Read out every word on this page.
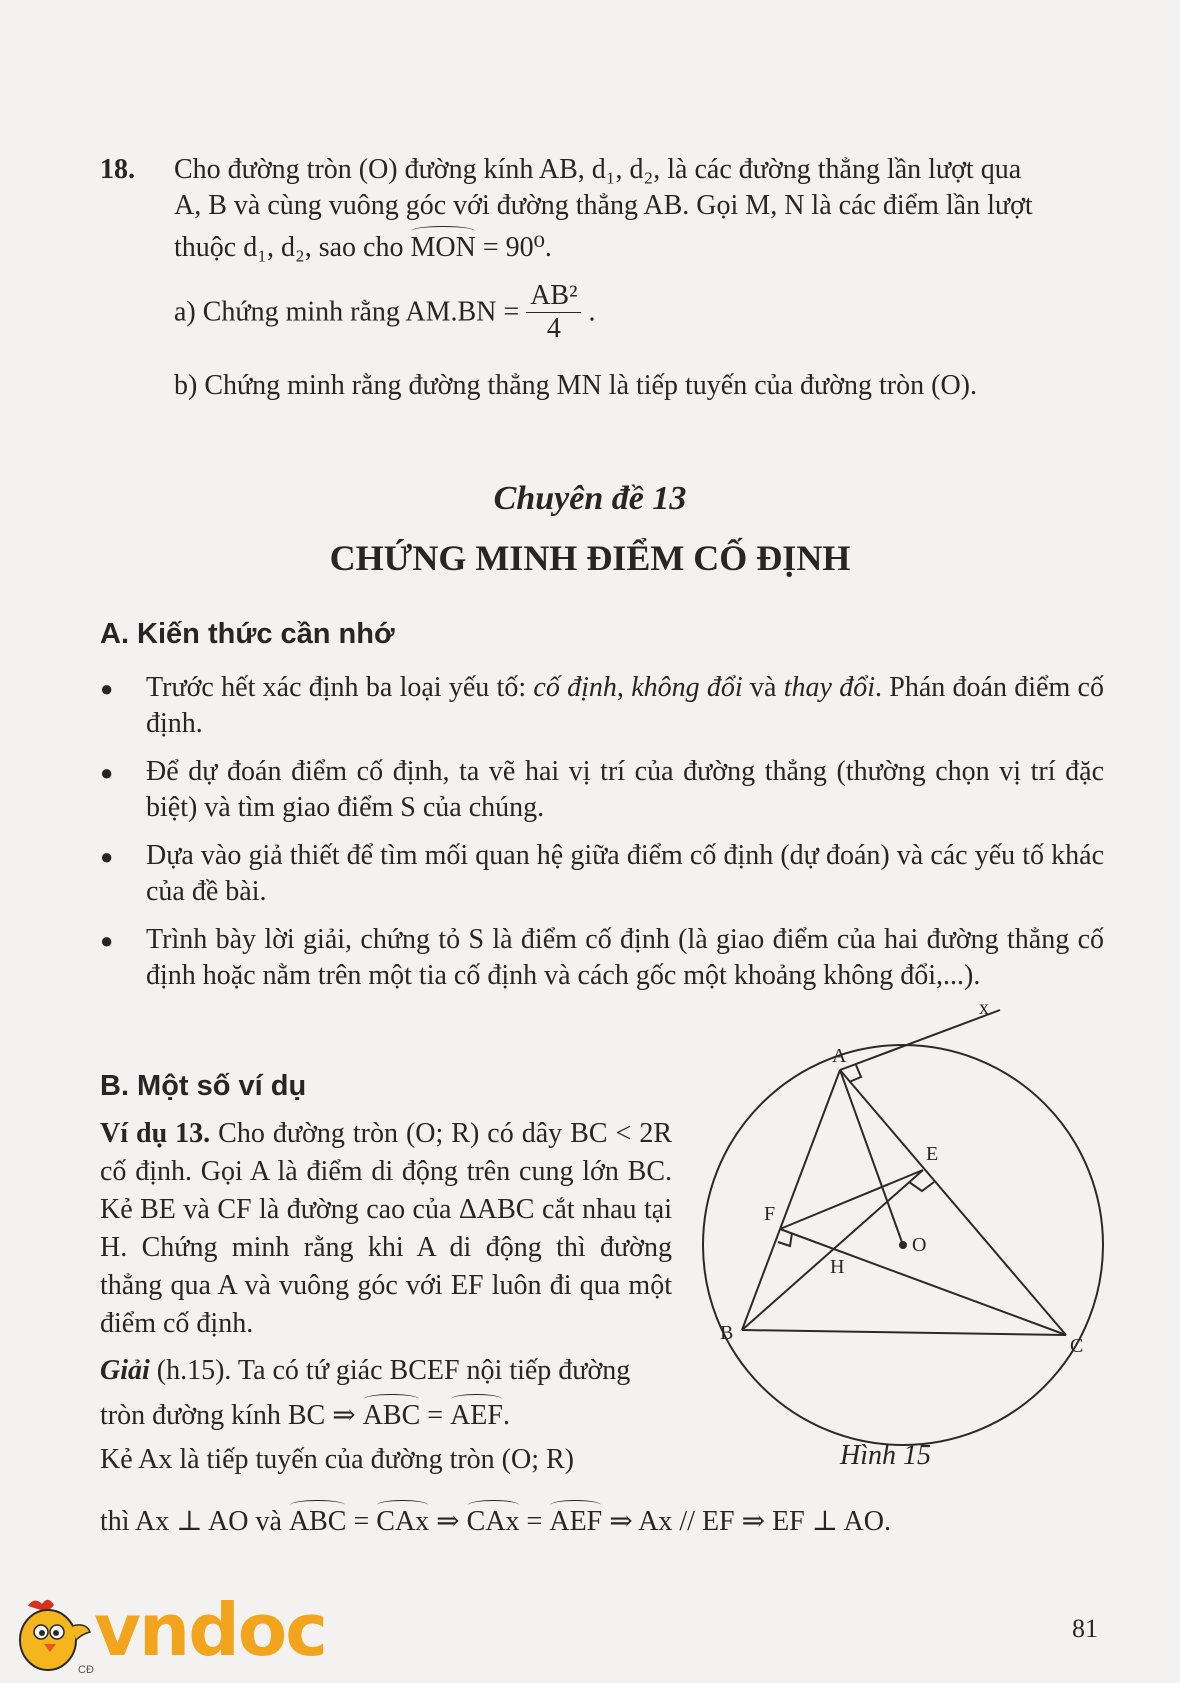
18. Cho đường tròn (O) đường kính AB, d₁, d₂, là các đường thẳng lần lượt qua
A, B và cùng vuông góc với đường thẳng AB. Gọi M, N là các điểm lần lượt
thuộc d₁, d₂, sao cho MON = 90⁰.
a) Chứng minh rằng $AM.BN = \frac{\text{AB²}}{4}$ .
b) Chứng minh rằng đường thẳng MN là tiếp tuyến của đường tròn (O).
Chuyên đề 13
CHỨNG MINH ĐIỂM CỐ ĐỊNH
A. Kiến thức cần nhớ
● Trước hết xác định ba loại yếu tố: cố định, không đổi và thay đổi. Phán đoán điểm cố định.
● Để dự đoán điểm cố định, ta vẽ hai vị trí của đường thẳng (thường chọn vị trí đặc biệt) và tìm giao điểm S của chúng.
● Dựa vào giả thiết để tìm mối quan hệ giữa điểm cố định (dự đoán) và các yếu tố khác của đề bài.
● Trình bày lời giải, chứng tỏ S là điểm cố định (là giao điểm của hai đường thẳng cố định hoặc nằm trên một tia cố định và cách gốc một khoảng không đổi,...).
B. Một số ví dụ
Ví dụ 13. Cho đường tròn (O; R) có dây BC < 2R cố định. Gọi A là điểm di động trên cung lớn BC. Kẻ BE và CF là đường cao của ΔABC cắt nhau tại H. Chứng minh rằng khi A di động thì đường thẳng qua A và vuông góc với EF luôn đi qua một điểm cố định.
Giải (h.15). Ta có tứ giác BCEF nội tiếp đường
tròn đường kính BC ⇒ ABC = AEF.
Kẻ Ax là tiếp tuyến của đường tròn (O; R)
thì Ax ⊥ AO và ABC = CAx ⇒ CAx = AEF ⇒ Ax // EF ⇒ EF ⊥ AO.
x
A
E
F
O
H
B
C
Hình 15
81
vndoc
CĐ
